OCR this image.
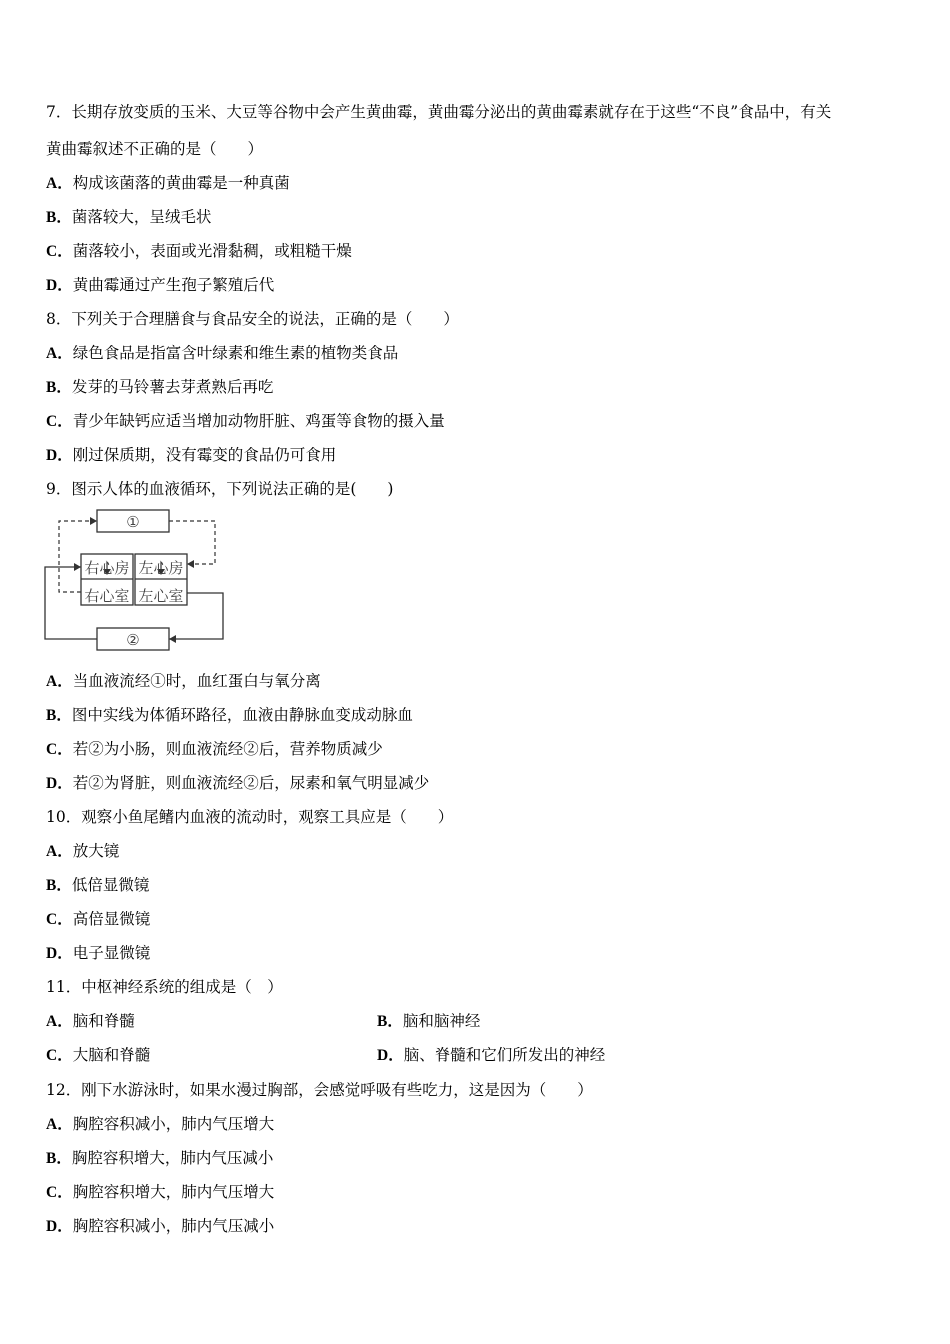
7．长期存放变质的玉米、大豆等谷物中会产生黄曲霉，黄曲霉分泌出的黄曲霉素就存在于这些“不良”食品中，有关
黄曲霉叙述不正确的是（　　）
A．构成该菌落的黄曲霉是一种真菌
B．菌落较大，呈绒毛状
C．菌落较小，表面或光滑黏稠，或粗糙干燥
D．黄曲霉通过产生孢子繁殖后代
8．下列关于合理膳食与食品安全的说法，正确的是（　　）
A．绿色食品是指富含叶绿素和维生素的植物类食品
B．发芽的马铃薯去芽煮熟后再吃
C．青少年缺钙应适当增加动物肝脏、鸡蛋等食物的摄入量
D．刚过保质期，没有霉变的食品仍可食用
9．图示人体的血液循环，下列说法正确的是(　　)
①
②
右心房
右心室
左心房
左心室
A．当血液流经①时，血红蛋白与氧分离
B．图中实线为体循环路径，血液由静脉血变成动脉血
C．若②为小肠，则血液流经②后，营养物质减少
D．若②为肾脏，则血液流经②后，尿素和氧气明显减少
10．观察小鱼尾鳍内血液的流动时，观察工具应是（　　）
A．放大镜
B．低倍显微镜
C．高倍显微镜
D．电子显微镜
11．中枢神经系统的组成是（　）
A．脑和脊髓	B．脑和脑神经
C．大脑和脊髓	D．脑、脊髓和它们所发出的神经
12．刚下水游泳时，如果水漫过胸部，会感觉呼吸有些吃力，这是因为（　　）
A．胸腔容积减小，肺内气压增大
B．胸腔容积增大，肺内气压减小
C．胸腔容积增大，肺内气压增大
D．胸腔容积减小，肺内气压减小
